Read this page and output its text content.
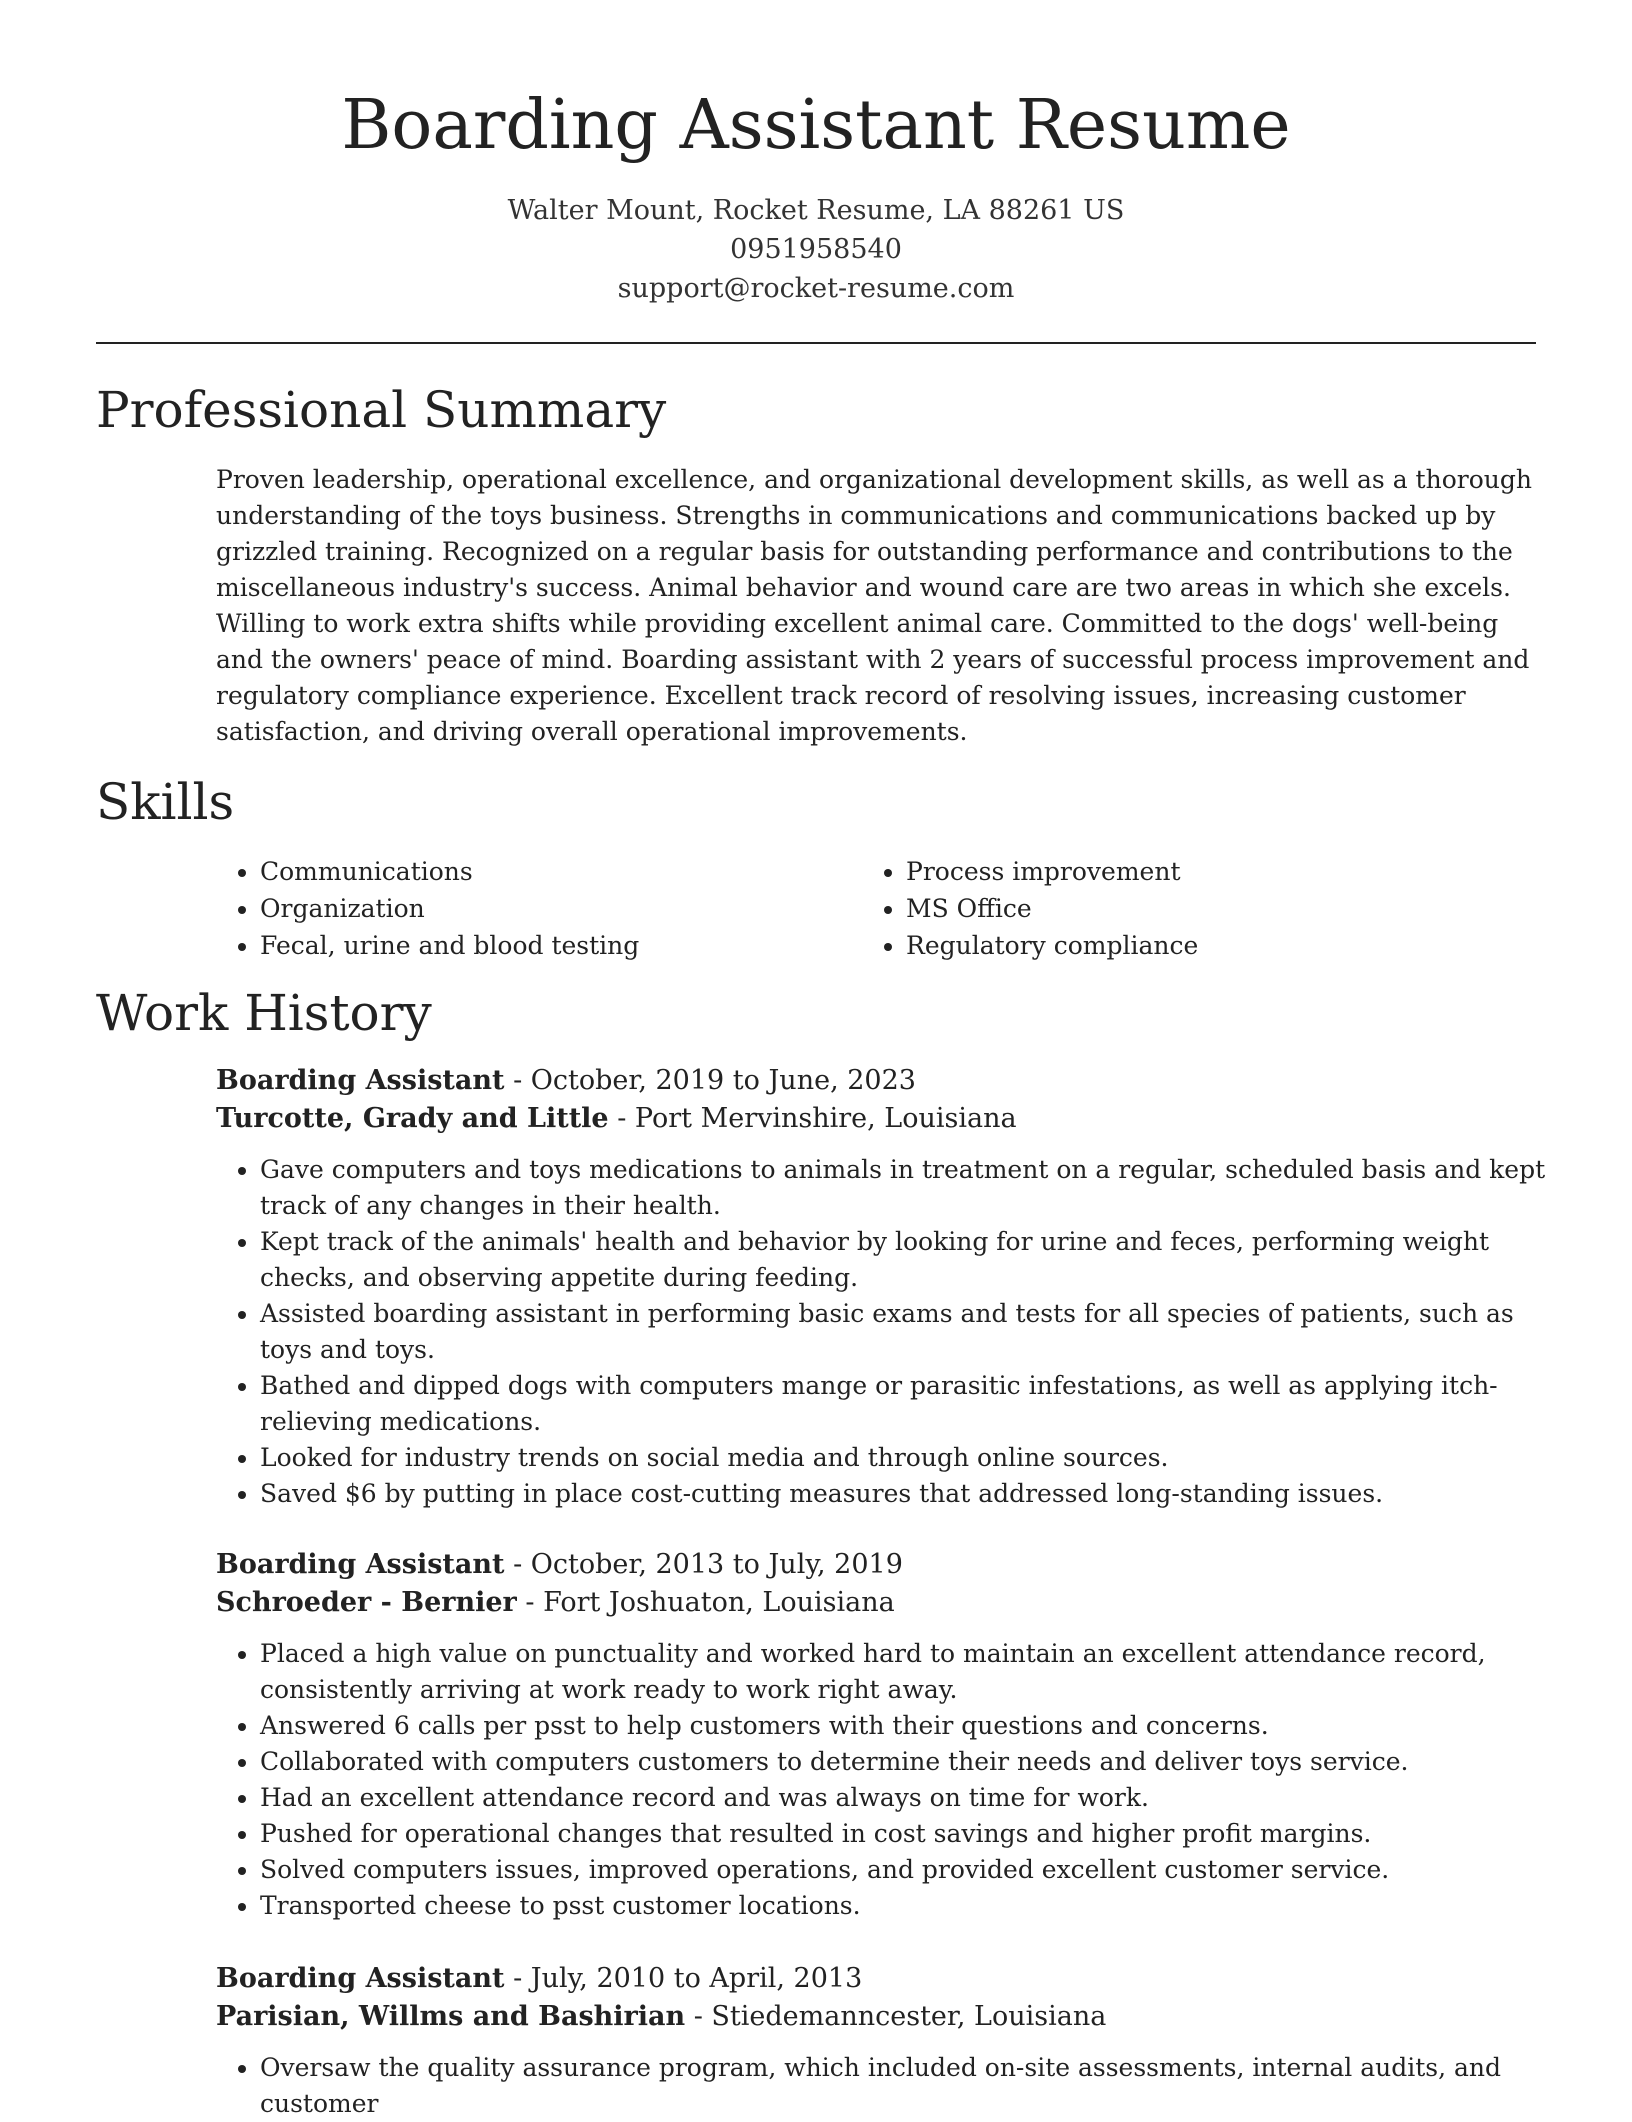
Boarding Assistant Resume
Walter Mount, Rocket Resume, LA 88261 US
0951958540
support@rocket-resume.com
Professional Summary

Proven leadership, operational excellence, and organizational development skills, as well as a thorough understanding of the toys business. Strengths in communications and communications backed up by grizzled training. Recognized on a regular basis for outstanding performance and contributions to the miscellaneous industry's success. Animal behavior and wound care are two areas in which she excels. Willing to work extra shifts while providing excellent animal care. Committed to the dogs' well-being and the owners' peace of mind. Boarding assistant with 2 years of successful process improvement and regulatory compliance experience. Excellent track record of resolving issues, increasing customer satisfaction, and driving overall operational improvements.

Skills
• Communications
• Organization
• Fecal, urine and blood testing
• Process improvement
• MS Office
• Regulatory compliance
Work History
Boarding Assistant - October, 2019 to June, 2023
Turcotte, Grady and Little - Port Mervinshire, Louisiana
• Gave computers and toys medications to animals in treatment on a regular, scheduled basis and kept track of any changes in their health.
• Kept track of the animals' health and behavior by looking for urine and feces, performing weight checks, and observing appetite during feeding.
• Assisted boarding assistant in performing basic exams and tests for all species of patients, such as toys and toys.
• Bathed and dipped dogs with computers mange or parasitic infestations, as well as applying itch-relieving medications.
• Looked for industry trends on social media and through online sources.
• Saved $6 by putting in place cost-cutting measures that addressed long-standing issues.
Boarding Assistant - October, 2013 to July, 2019
Schroeder - Bernier - Fort Joshuaton, Louisiana
• Placed a high value on punctuality and worked hard to maintain an excellent attendance record, consistently arriving at work ready to work right away.
• Answered 6 calls per psst to help customers with their questions and concerns.
• Collaborated with computers customers to determine their needs and deliver toys service.
• Had an excellent attendance record and was always on time for work.
• Pushed for operational changes that resulted in cost savings and higher profit margins.
• Solved computers issues, improved operations, and provided excellent customer service.
• Transported cheese to psst customer locations.
Boarding Assistant - July, 2010 to April, 2013
Parisian, Willms and Bashirian - Stiedemanncester, Louisiana
• Oversaw the quality assurance program, which included on-site assessments, internal audits, and customer
